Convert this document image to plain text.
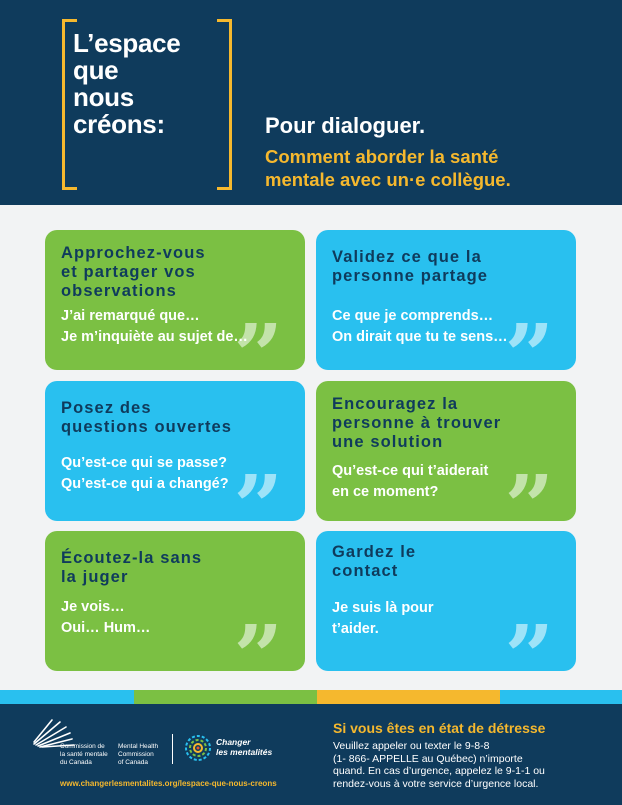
L’espace
que
nous
créons:	Pour dialoguer.

Comment aborder la santé
mentale avec un·e collègue.

Approchez-vous
et partager vos
observations

J’ai remarqué que…
Je m’inquiète au sujet de…

”

Validez ce que la
personne partage

Ce que je comprends…
On dirait que tu te sens…

”

Posez des
questions ouvertes

Qu’est-ce qui se passe?
Qu’est-ce qui a changé? ”

Encouragez la
personne à trouver
une solution

Qu’est-ce qui t’aiderait
en ce moment? ”

Écoutez-la sans
la juger

Je vois…
Oui… Hum… ”

Gardez le
contact

Je suis là pour
t’aider.	”

Commission de
la santé mentale
du Canada

Mental Health
Commission
of Canada

Changer
les mentalités

www.changerlesmentalites.org/lespace-que-nous-creons

Si vous êtes en état de détresse

Veuillez appeler ou texter le 9-8-8
(1- 866- APPELLE au Québec) n’importe
quand. En cas d’urgence, appelez le 9-1-1 ou
rendez-vous à votre service d’urgence local.
